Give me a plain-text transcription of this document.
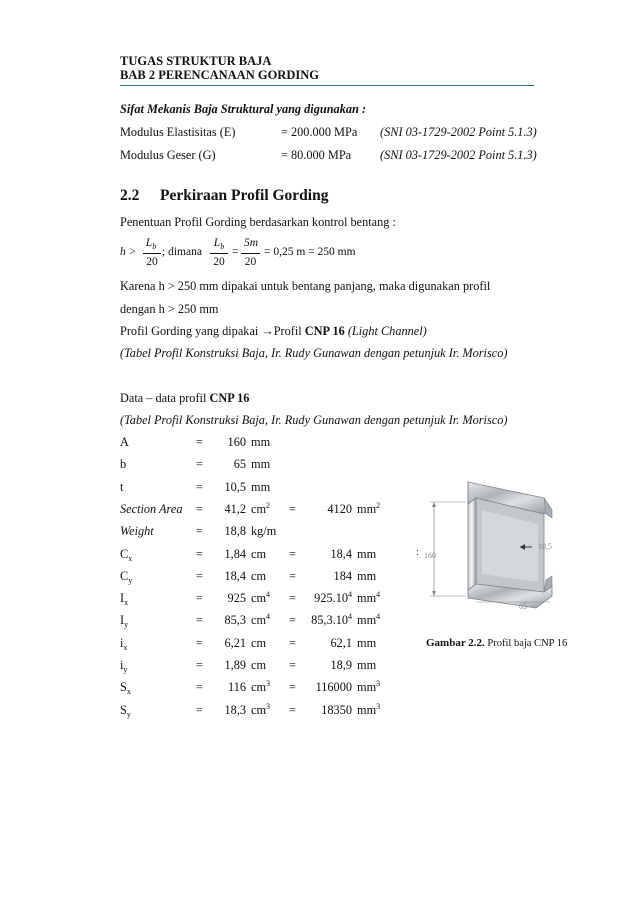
TUGAS STRUKTUR BAJA
BAB 2 PERENCANAAN GORDING
Sifat Mekanis Baja Struktural yang digunakan :
Modulus Elastisitas (E)	= 200.000 MPa (SNI 03-1729-2002 Point 5.1.3)
Modulus Geser (G)	= 80.000 MPa (SNI 03-1729-2002 Point 5.1.3)
2.2 Perkiraan Profil Gording
Penentuan Profil Gording berdasarkan kontrol bentang :
h >
$L_b$
20
; dimana
$L_b$
20
=
5m
20
= 0,25 m = 250 mm
Karena h > 250 mm dipakai untuk bentang panjang, maka digunakan profil
dengan h > 250 mm
Profil Gording yang dipakai →Profil CNP 16 (Light Channel)
(Tabel Profil Konstruksi Baja, Ir. Rudy Gunawan dengan petunjuk Ir. Morisco)
Data – data profil CNP 16
(Tabel Profil Konstruksi Baja, Ir. Rudy Gunawan dengan petunjuk Ir. Morisco)
A	=	160 mm
b	=	65 mm
t	=	10,5 mm
Section Area =	41,2 $cm^2$ =	4120 $mm^2$
Weight	=	18,8 kg/m
$C_x$	=	1,84 cm =	18,4 mm
$C_y$	=	18,4 cm =	184 mm
$I_x$	=	925 $cm^4$ =	$925.10^4$ $mm^4$
$I_y$	=	85,3 $cm^4$ =	$85,3.10^4$ $mm^4$
$i_x$	=	6,21 cm =	62,1 mm
$i_y$	=	1,89 cm =	18,9 mm
$S_x$	=	116 $cm^3$ =	116000 $mm^3$
$S_y$	=	18,3 $cm^3$ =	18350 $mm^3$
: 160
10,5
65
Gambar 2.2. Profil baja CNP 16
